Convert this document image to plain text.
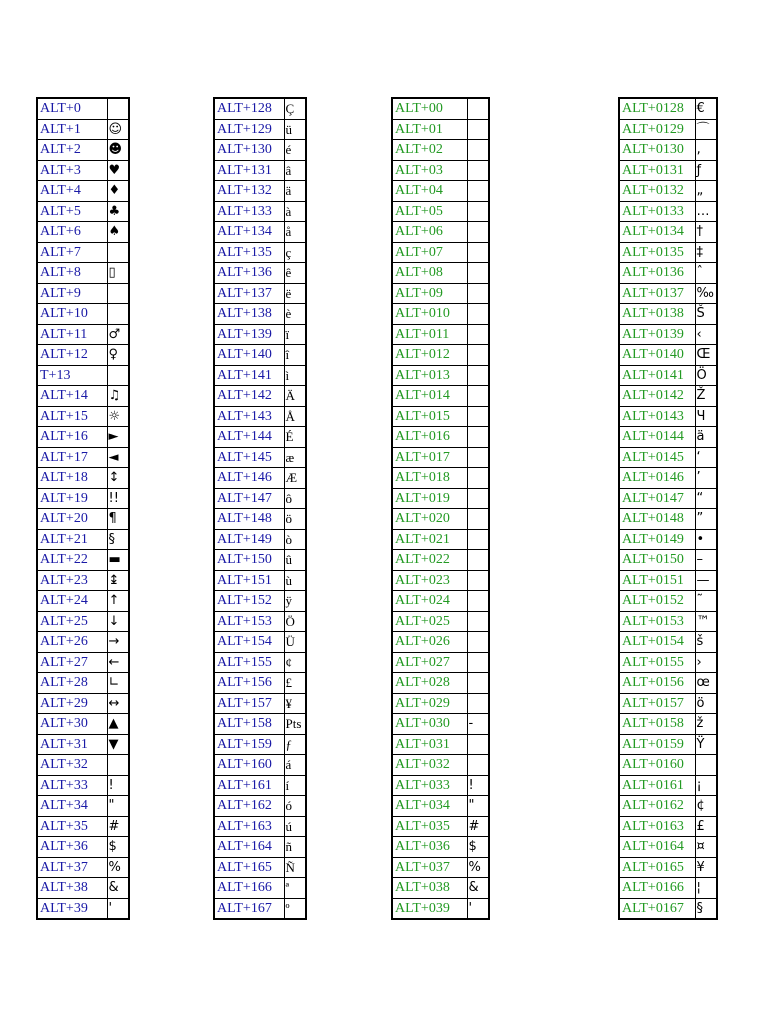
ALT+0	
ALT+1	☺
ALT+2	☻
ALT+3	♥
ALT+4	♦
ALT+5	♣
ALT+6	♠
ALT+7	
ALT+8	▯
ALT+9	
ALT+10	
ALT+11	♂
ALT+12	♀
T+13	
ALT+14	♫
ALT+15	☼
ALT+16	►
ALT+17	◄
ALT+18	↕
ALT+19	!!
ALT+20	¶
ALT+21	§
ALT+22	▬
ALT+23	↨
ALT+24	↑
ALT+25	↓
ALT+26	→
ALT+27	←
ALT+28	∟
ALT+29	↔
ALT+30	▲
ALT+31	▼
ALT+32	
ALT+33	!
ALT+34	"
ALT+35	#
ALT+36	$
ALT+37	%
ALT+38	&
ALT+39	'
ALT+128	Ç
ALT+129	ü
ALT+130	é
ALT+131	â
ALT+132	ä
ALT+133	à
ALT+134	å
ALT+135	ç
ALT+136	ê
ALT+137	ë
ALT+138	è
ALT+139	ï
ALT+140	î
ALT+141	ì
ALT+142	Ä
ALT+143	Å
ALT+144	É
ALT+145	æ
ALT+146	Æ
ALT+147	ô
ALT+148	ö
ALT+149	ò
ALT+150	û
ALT+151	ù
ALT+152	ÿ
ALT+153	Ö
ALT+154	Ü
ALT+155	¢
ALT+156	£
ALT+157	¥
ALT+158	Pts
ALT+159	ƒ
ALT+160	á
ALT+161	í
ALT+162	ó
ALT+163	ú
ALT+164	ñ
ALT+165	Ñ
ALT+166	ª
ALT+167	º
ALT+00	
ALT+01	
ALT+02	
ALT+03	
ALT+04	
ALT+05	
ALT+06	
ALT+07	
ALT+08	
ALT+09	
ALT+010	
ALT+011	
ALT+012	
ALT+013	
ALT+014	
ALT+015	
ALT+016	
ALT+017	
ALT+018	
ALT+019	
ALT+020	
ALT+021	
ALT+022	
ALT+023	
ALT+024	
ALT+025	
ALT+026	
ALT+027	
ALT+028	
ALT+029	
ALT+030	-
ALT+031	
ALT+032	
ALT+033	!
ALT+034	"
ALT+035	#
ALT+036	$
ALT+037	%
ALT+038	&
ALT+039	'
ALT+0128	€
ALT+0129	⌒
ALT+0130	‚
ALT+0131	ƒ
ALT+0132	„
ALT+0133	…
ALT+0134	†
ALT+0135	‡
ALT+0136	ˆ
ALT+0137	‰
ALT+0138	Š
ALT+0139	‹
ALT+0140	Œ
ALT+0141	Ö
ALT+0142	Ž
ALT+0143	Ч
ALT+0144	ä
ALT+0145	‘
ALT+0146	’
ALT+0147	“
ALT+0148	”
ALT+0149	•
ALT+0150	–
ALT+0151	—
ALT+0152	˜
ALT+0153	™
ALT+0154	š
ALT+0155	›
ALT+0156	œ
ALT+0157	ö
ALT+0158	ž
ALT+0159	Ÿ
ALT+0160	
ALT+0161	¡
ALT+0162	¢
ALT+0163	£
ALT+0164	¤
ALT+0165	¥
ALT+0166	¦
ALT+0167	§
